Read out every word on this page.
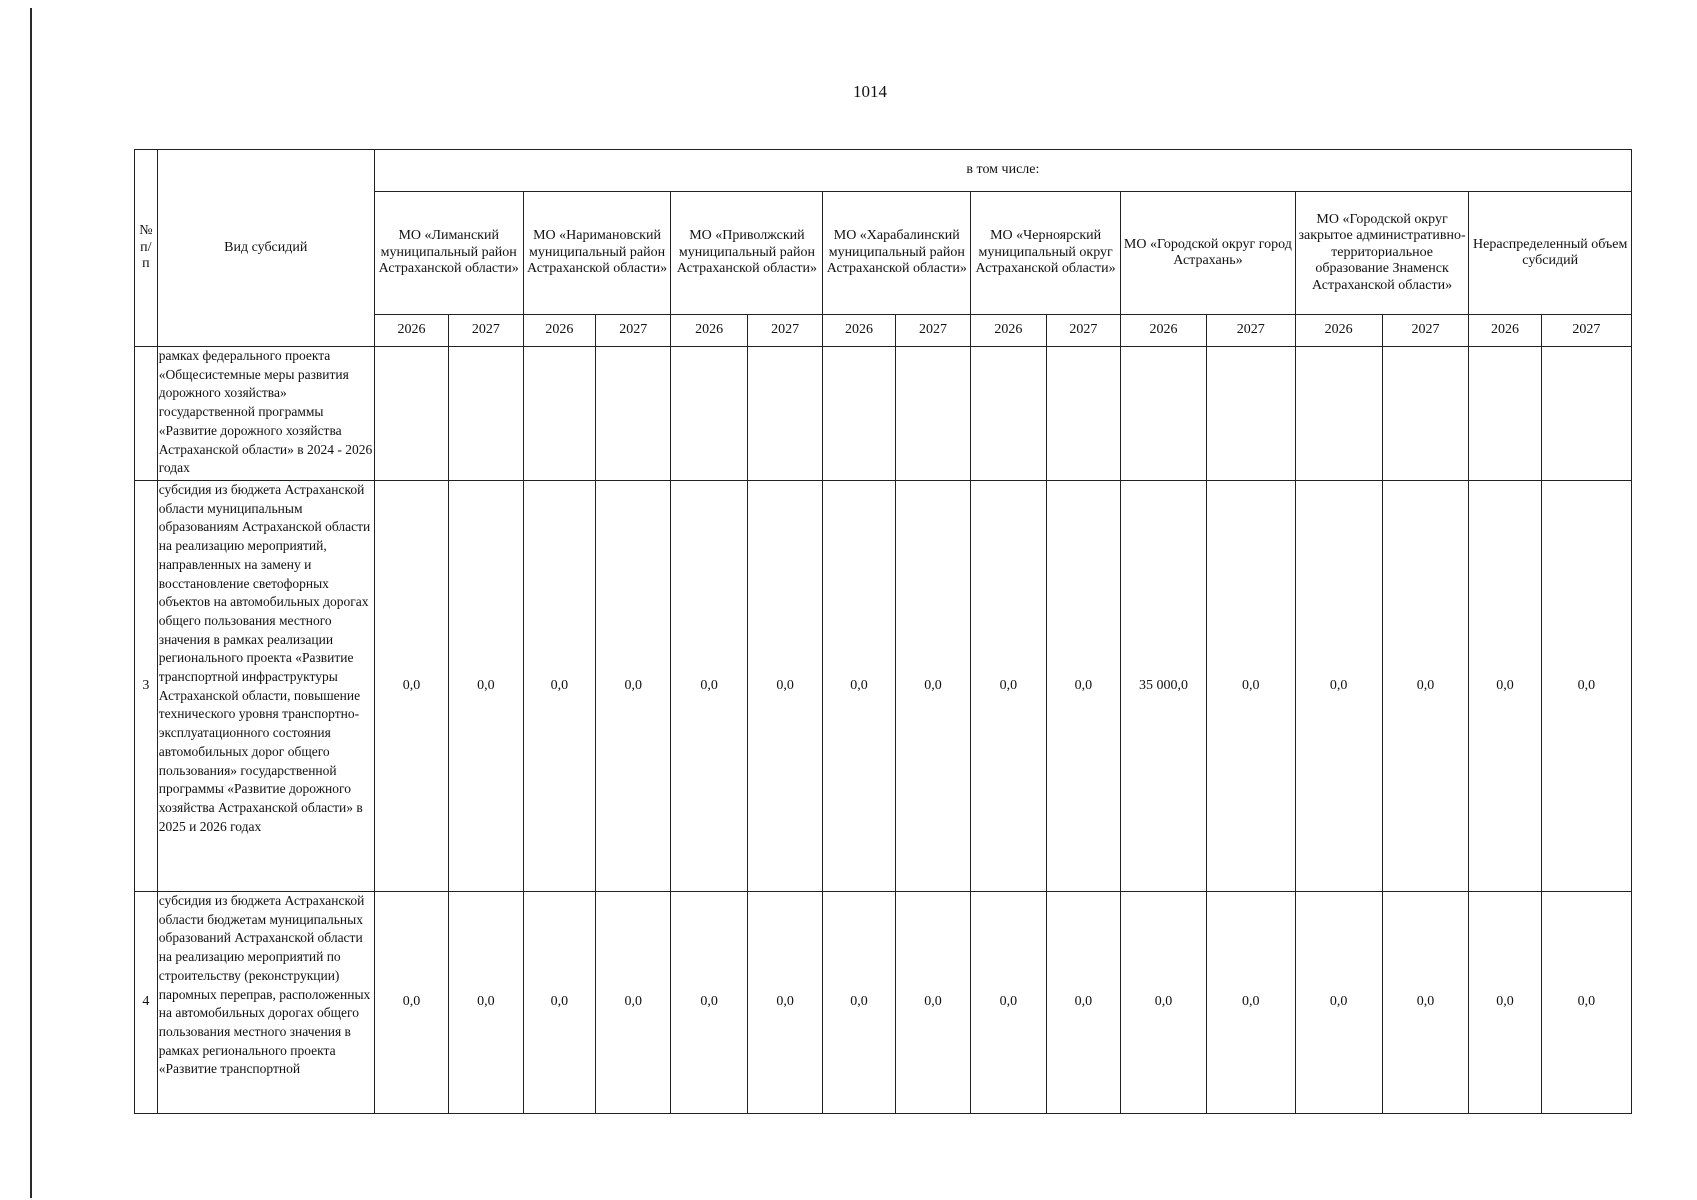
1014
№ п/п	Вид субсидий	в том числе:															
		МО «Лиманский муниципальный район Астраханской области»		МО «Наримановский муниципальный район Астраханской области»		МО «Приволжский муниципальный район Астраханской области»		МО «Харабалинский муниципальный район Астраханской области»		МО «Черноярский муниципальный округ Астраханской области»		МО «Городской округ город Астрахань»		МО «Городской округ закрытое административно-территориальное образование Знаменск Астраханской области»		Нераспределенный объем субсидий	
		2026	2027	2026	2027	2026	2027	2026	2027	2026	2027	2026	2027	2026	2027	2026	2027
	рамках федерального проекта «Общесистемные меры развития дорожного хозяйства» государственной программы «Развитие дорожного хозяйства Астраханской области» в 2024 - 2026 годах																
3	субсидия из бюджета Астраханской области муниципальным образованиям Астраханской области на реализацию мероприятий, направленных на замену и восстановление светофорных объектов на автомобильных дорогах общего пользования местного значения в рамках реализации регионального проекта «Развитие транспортной инфраструктуры Астраханской области, повышение технического уровня транспортно-эксплуатационного состояния автомобильных дорог общего пользования» государственной программы «Развитие дорожного хозяйства Астраханской области» в 2025 и 2026 годах	0,0	0,0	0,0	0,0	0,0	0,0	0,0	0,0	0,0	0,0	35 000,0	0,0	0,0	0,0	0,0	0,0
4	субсидия из бюджета Астраханской области бюджетам муниципальных образований Астраханской области на реализацию мероприятий по строительству (реконструкции) паромных переправ, расположенных на автомобильных дорогах общего пользования местного значения в рамках регионального проекта «Развитие транспортной	0,0	0,0	0,0	0,0	0,0	0,0	0,0	0,0	0,0	0,0	0,0	0,0	0,0	0,0	0,0	0,0
